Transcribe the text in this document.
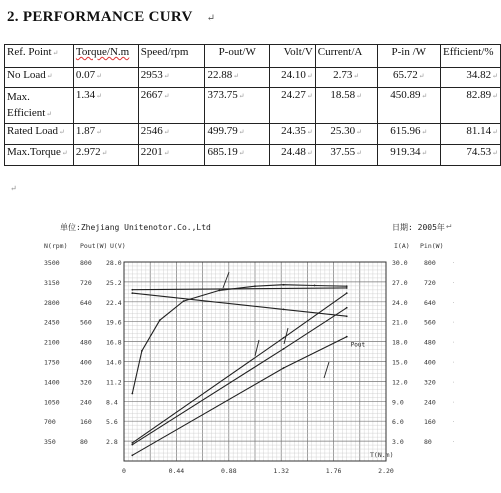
2. PERFORMANCE CURV ↵
Ref. Point↵	Torque/N.m	Speed/rpm	P-out/W	Volt/V	Current/A	P-in /W	Efficient/%
No Load↵	0.07↵	2953↵	22.88↵	24.10↵	2.73↵	65.72↵	34.82↵
Max. Efficient↵	1.34↵	2667↵	373.75↵	24.27↵	18.58↵	450.89↵	82.89↵
Rated Load↵	1.87↵	2546↵	499.79↵	24.35↵	25.30↵	615.96↵	81.14↵
Max.Torque↵	2.972↵	2201↵	685.19↵	24.48↵	37.55↵	919.34↵	74.53↵
↵
单位:Zhejiang Unitenotor.Co.,Ltd	日期: 2005年 ↵
N(rpm) Pout(W) U(V)	I(A) Pin(W)
350	80	2.8
700	160 5.6
1050	240 8.4
1400	320 11.2
1750	400 14.0
2100	480 16.8
2450	560 19.6
2800	640 22.4
3150	720 25.2
3500	800 28.0
3.0	80	.
6.0	160	.
9.0	240	.
12.0	320	.
15.0	400	.
18.0	480	.
21.0	560	.
24.0	640	.
27.0	720	.
30.0	800	.
0	0.44	0.88	1.32	1.76	2.20
T(N.m)
Pout
